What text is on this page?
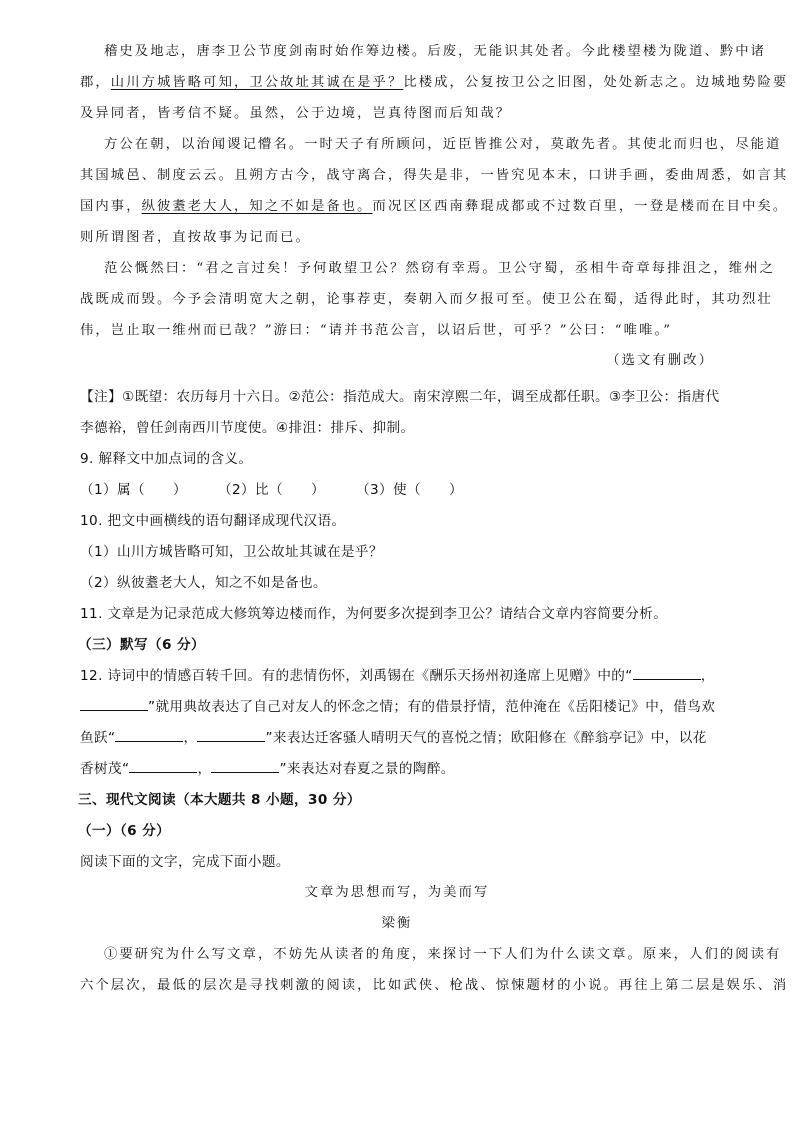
稽史及地志，唐李卫公节度剑南时始作筹边楼。后废，无能识其处者。今此楼望楼为陇道、黔中诸
郡，山川方城皆略可知，卫公故址其诚在是乎？比楼成，公复按卫公之旧图，处处新志之。边城地势险要
及异同者，皆考信不疑。虽然，公于边境，岂真待图而后知哉？
方公在朝，以治闻谡记懵名。一时天子有所顾问，近臣皆推公对，莫敢先者。其使北而归也，尽能道
其国城邑、制度云云。且朔方古今，战守离合，得失是非，一皆究见本末，口讲手画，委曲周悉，如言其
国内事，纵彼耋老大人，知之不如是备也。而况区区西南彝琨成都或不过数百里，一登是楼而在目中矣。
则所谓图者，直按故事为记而已。
范公慨然曰：“君之言过矣！予何敢望卫公？然窃有幸焉。卫公守蜀，丞相牛奇章每排沮之，维州之
战既成而毁。今予会清明宽大之朝，论事荐吏，奏朝入而夕报可至。使卫公在蜀，适得此时，其功烈壮
伟，岂止取一维州而已哉？”游曰：“请并书范公言，以诏后世，可乎？”公曰：“唯唯。”
（选文有删改）
【注】①既望：农历每月十六日。②范公：指范成大。南宋淳熙二年，调至成都任职。③李卫公：指唐代
李德裕，曾任剑南西川节度使。④排沮：排斥、抑制。
9. 解释文中加点词的含义。
（1）属（　　） （2）比（　　） （3）使（　　）
10. 把文中画横线的语句翻译成现代汉语。
（1）山川方城皆略可知，卫公故址其诚在是乎？
（2）纵彼耋老大人，知之不如是备也。
11. 文章是为记录范成大修筑筹边楼而作，为何要多次提到李卫公？请结合文章内容简要分析。
（三）默写（6 分）
12. 诗词中的情感百转千回。有的悲情伤怀，刘禹锡在《酬乐天扬州初逢席上见赠》中的“	，
”就用典故表达了自己对友人的怀念之情；有的借景抒情，范仲淹在《岳阳楼记》中，借鸟欢
鱼跃“	，	”来表达迁客骚人晴明天气的喜悦之情；欧阳修在《醉翁亭记》中，以花
香树茂“	，	”来表达对春夏之景的陶醉。
三、现代文阅读（本大题共 8 小题，30 分）
（一）（6 分）
阅读下面的文字，完成下面小题。
文章为思想而写，为美而写
梁衡
①要研究为什么写文章，不妨先从读者的角度，来探讨一下人们为什么读文章。原来，人们的阅读有
六个层次，最低的层次是寻找刺激的阅读，比如武侠、枪战、惊悚题材的小说。再往上第二层是娱乐、消
